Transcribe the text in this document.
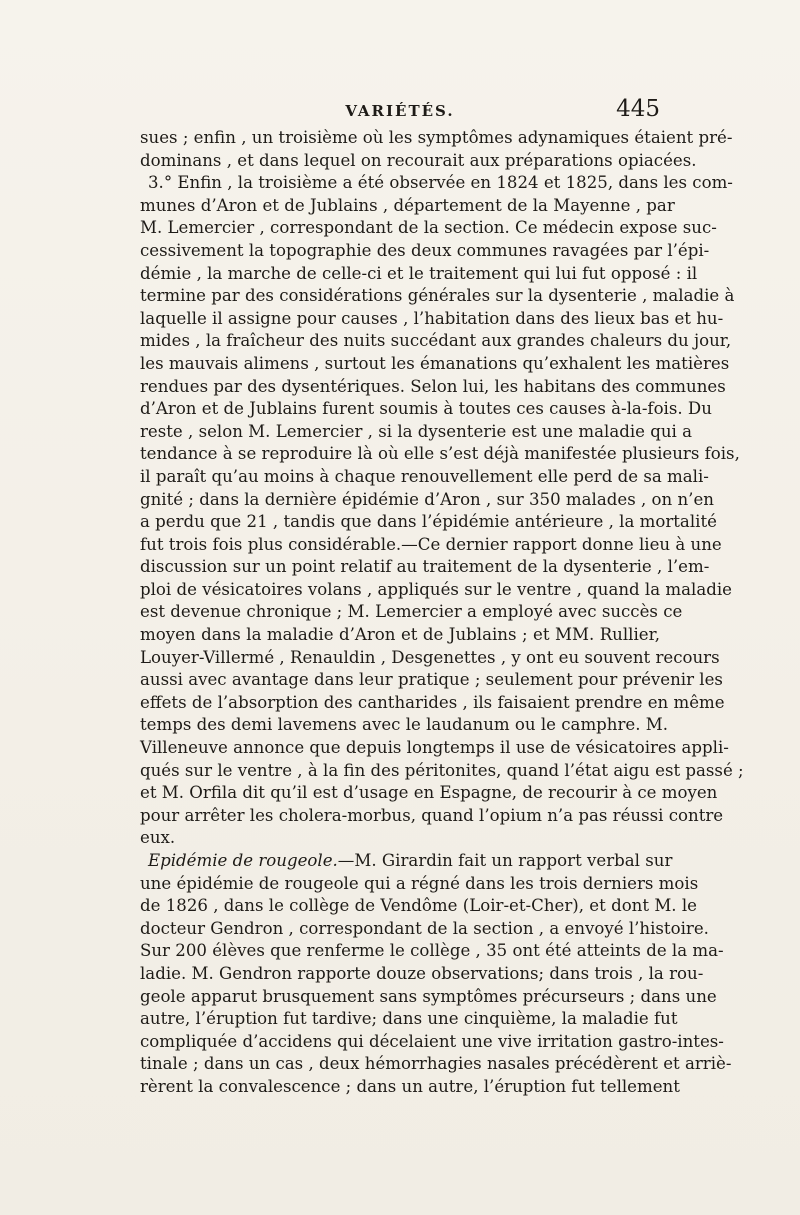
VARIÉTÉS.	445
sues ; enfin , un troisième où les symptômes adynamiques étaient pré-
dominans , et dans lequel on recourait aux préparations opiacées.
3.° Enfin , la troisième a été observée en 1824 et 1825, dans les com-
munes d’Aron et de Jublains , département de la Mayenne , par
M. Lemercier , correspondant de la section. Ce médecin expose suc-
cessivement la topographie des deux communes ravagées par l’épi-
démie , la marche de celle-ci et le traitement qui lui fut opposé : il
termine par des considérations générales sur la dysenterie , maladie à
laquelle il assigne pour causes , l’habitation dans des lieux bas et hu-
mides , la fraîcheur des nuits succédant aux grandes chaleurs du jour,
les mauvais alimens , surtout les émanations qu’exhalent les matières
rendues par des dysentériques. Selon lui, les habitans des communes
d’Aron et de Jublains furent soumis à toutes ces causes à-la-fois. Du
reste , selon M. Lemercier , si la dysenterie est une maladie qui a
tendance à se reproduire là où elle s’est déjà manifestée plusieurs fois,
il paraît qu’au moins à chaque renouvellement elle perd de sa mali-
gnité ; dans la dernière épidémie d’Aron , sur 350 malades , on n’en
a perdu que 21 , tandis que dans l’épidémie antérieure , la mortalité
fut trois fois plus considérable.—Ce dernier rapport donne lieu à une
discussion sur un point relatif au traitement de la dysenterie , l’em-
ploi de vésicatoires volans , appliqués sur le ventre , quand la maladie
est devenue chronique ; M. Lemercier a employé avec succès ce
moyen dans la maladie d’Aron et de Jublains ; et MM. Rullier,
Louyer-Villermé , Renauldin , Desgenettes , y ont eu souvent recours
aussi avec avantage dans leur pratique ; seulement pour prévenir les
effets de l’absorption des cantharides , ils faisaient prendre en même
temps des demi lavemens avec le laudanum ou le camphre. M.
Villeneuve annonce que depuis longtemps il use de vésicatoires appli-
qués sur le ventre , à la fin des péritonites, quand l’état aigu est passé ;
et M. Orfila dit qu’il est d’usage en Espagne, de recourir à ce moyen
pour arrêter les cholera-morbus, quand l’opium n’a pas réussi contre
eux.
Epidémie de rougeole.—M. Girardin fait un rapport verbal sur
une épidémie de rougeole qui a régné dans les trois derniers mois
de 1826 , dans le collège de Vendôme (Loir-et-Cher), et dont M. le
docteur Gendron , correspondant de la section , a envoyé l’histoire.
Sur 200 élèves que renferme le collège , 35 ont été atteints de la ma-
ladie. M. Gendron rapporte douze observations; dans trois , la rou-
geole apparut brusquement sans symptômes précurseurs ; dans une
autre, l’éruption fut tardive; dans une cinquième, la maladie fut
compliquée d’accidens qui décelaient une vive irritation gastro-intes-
tinale ; dans un cas , deux hémorrhagies nasales précédèrent et arriè-
rèrent la convalescence ; dans un autre, l’éruption fut tellement
